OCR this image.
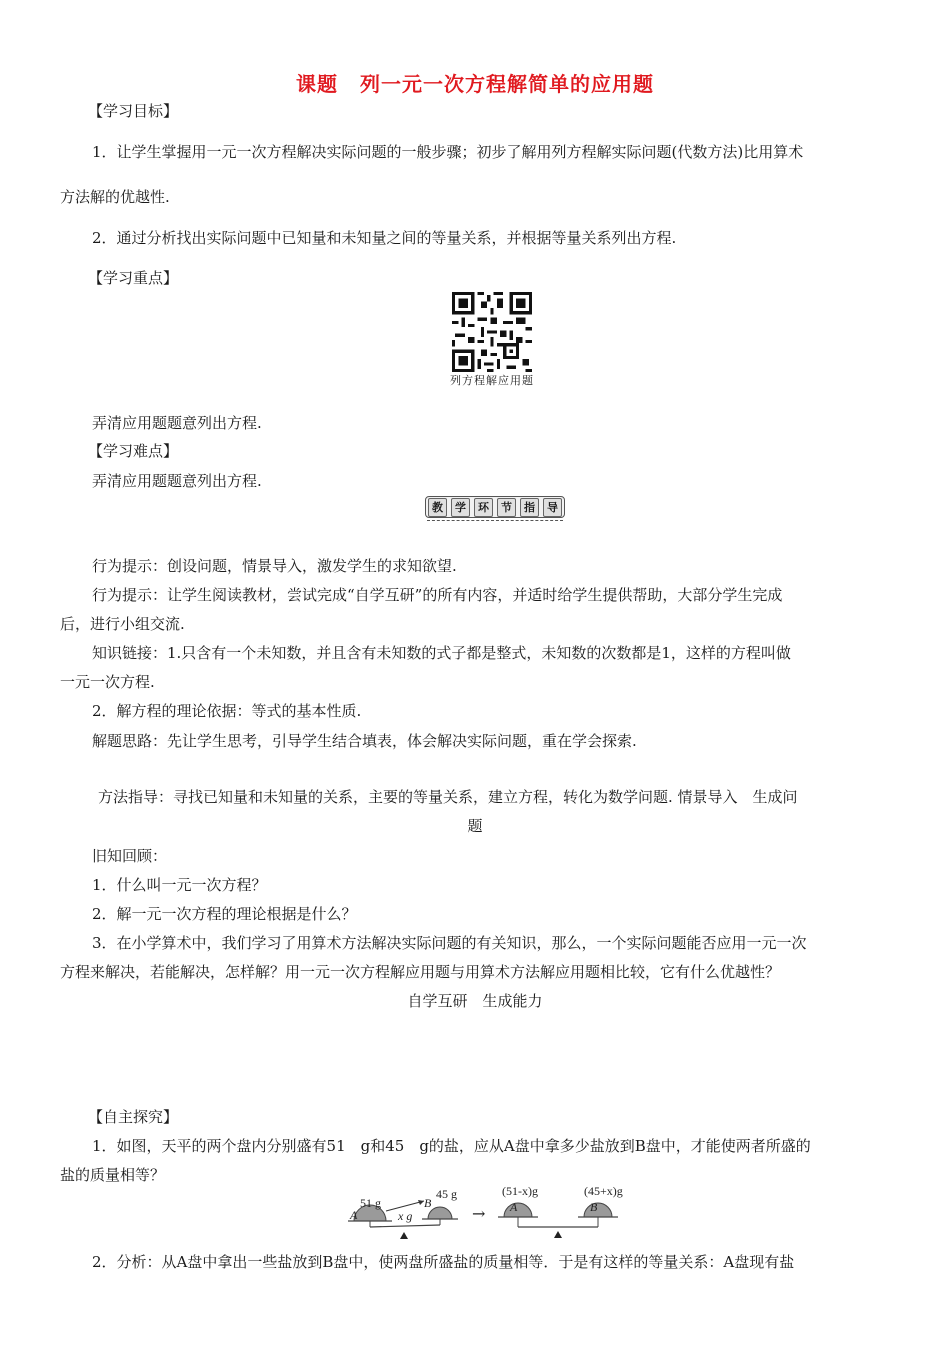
课题 列一元一次方程解简单的应用题
【学习目标】
1．让学生掌握用一元一次方程解决实际问题的一般步骤；初步了解用列方程解实际问题(代数方法)比用算术
方法解的优越性.
2．通过分析找出实际问题中已知量和未知量之间的等量关系，并根据等量关系列出方程.
【学习重点】
列方程解应用题
弄清应用题题意列出方程.
【学习难点】
弄清应用题题意列出方程.
教	学	环	节	指	导
行为提示：创设问题，情景导入，激发学生的求知欲望.
行为提示：让学生阅读教材，尝试完成“自学互研”的所有内容，并适时给学生提供帮助，大部分学生完成
后，进行小组交流.
知识链接：1.只含有一个未知数，并且含有未知数的式子都是整式，未知数的次数都是1，这样的方程叫做
一元一次方程.
2．解方程的理论依据：等式的基本性质.
解题思路：先让学生思考，引导学生结合填表，体会解决实际问题，重在学会探索.
方法指导：寻找已知量和未知量的关系，主要的等量关系，建立方程，转化为数学问题. 情景导入　生成问
题
旧知回顾：
1．什么叫一元一次方程？
2．解一元一次方程的理论根据是什么？
3．在小学算术中，我们学习了用算术方法解决实际问题的有关知识，那么，一个实际问题能否应用一元一次
方程来解决，若能解决，怎样解？用一元一次方程解应用题与用算术方法解应用题相比较，它有什么优越性？
自学互研　生成能力
【自主探究】
1．如图，天平的两个盘内分别盛有51　g和45　g的盐，应从A盘中拿多少盐放到B盘中，才能使两者所盛的
盐的质量相等？
A
51 g	B
45 g
x g	→ A
(51-x)g
B
(45+x)g
2．分析：从A盘中拿出一些盐放到B盘中，使两盘所盛盐的质量相等．于是有这样的等量关系：A盘现有盐
